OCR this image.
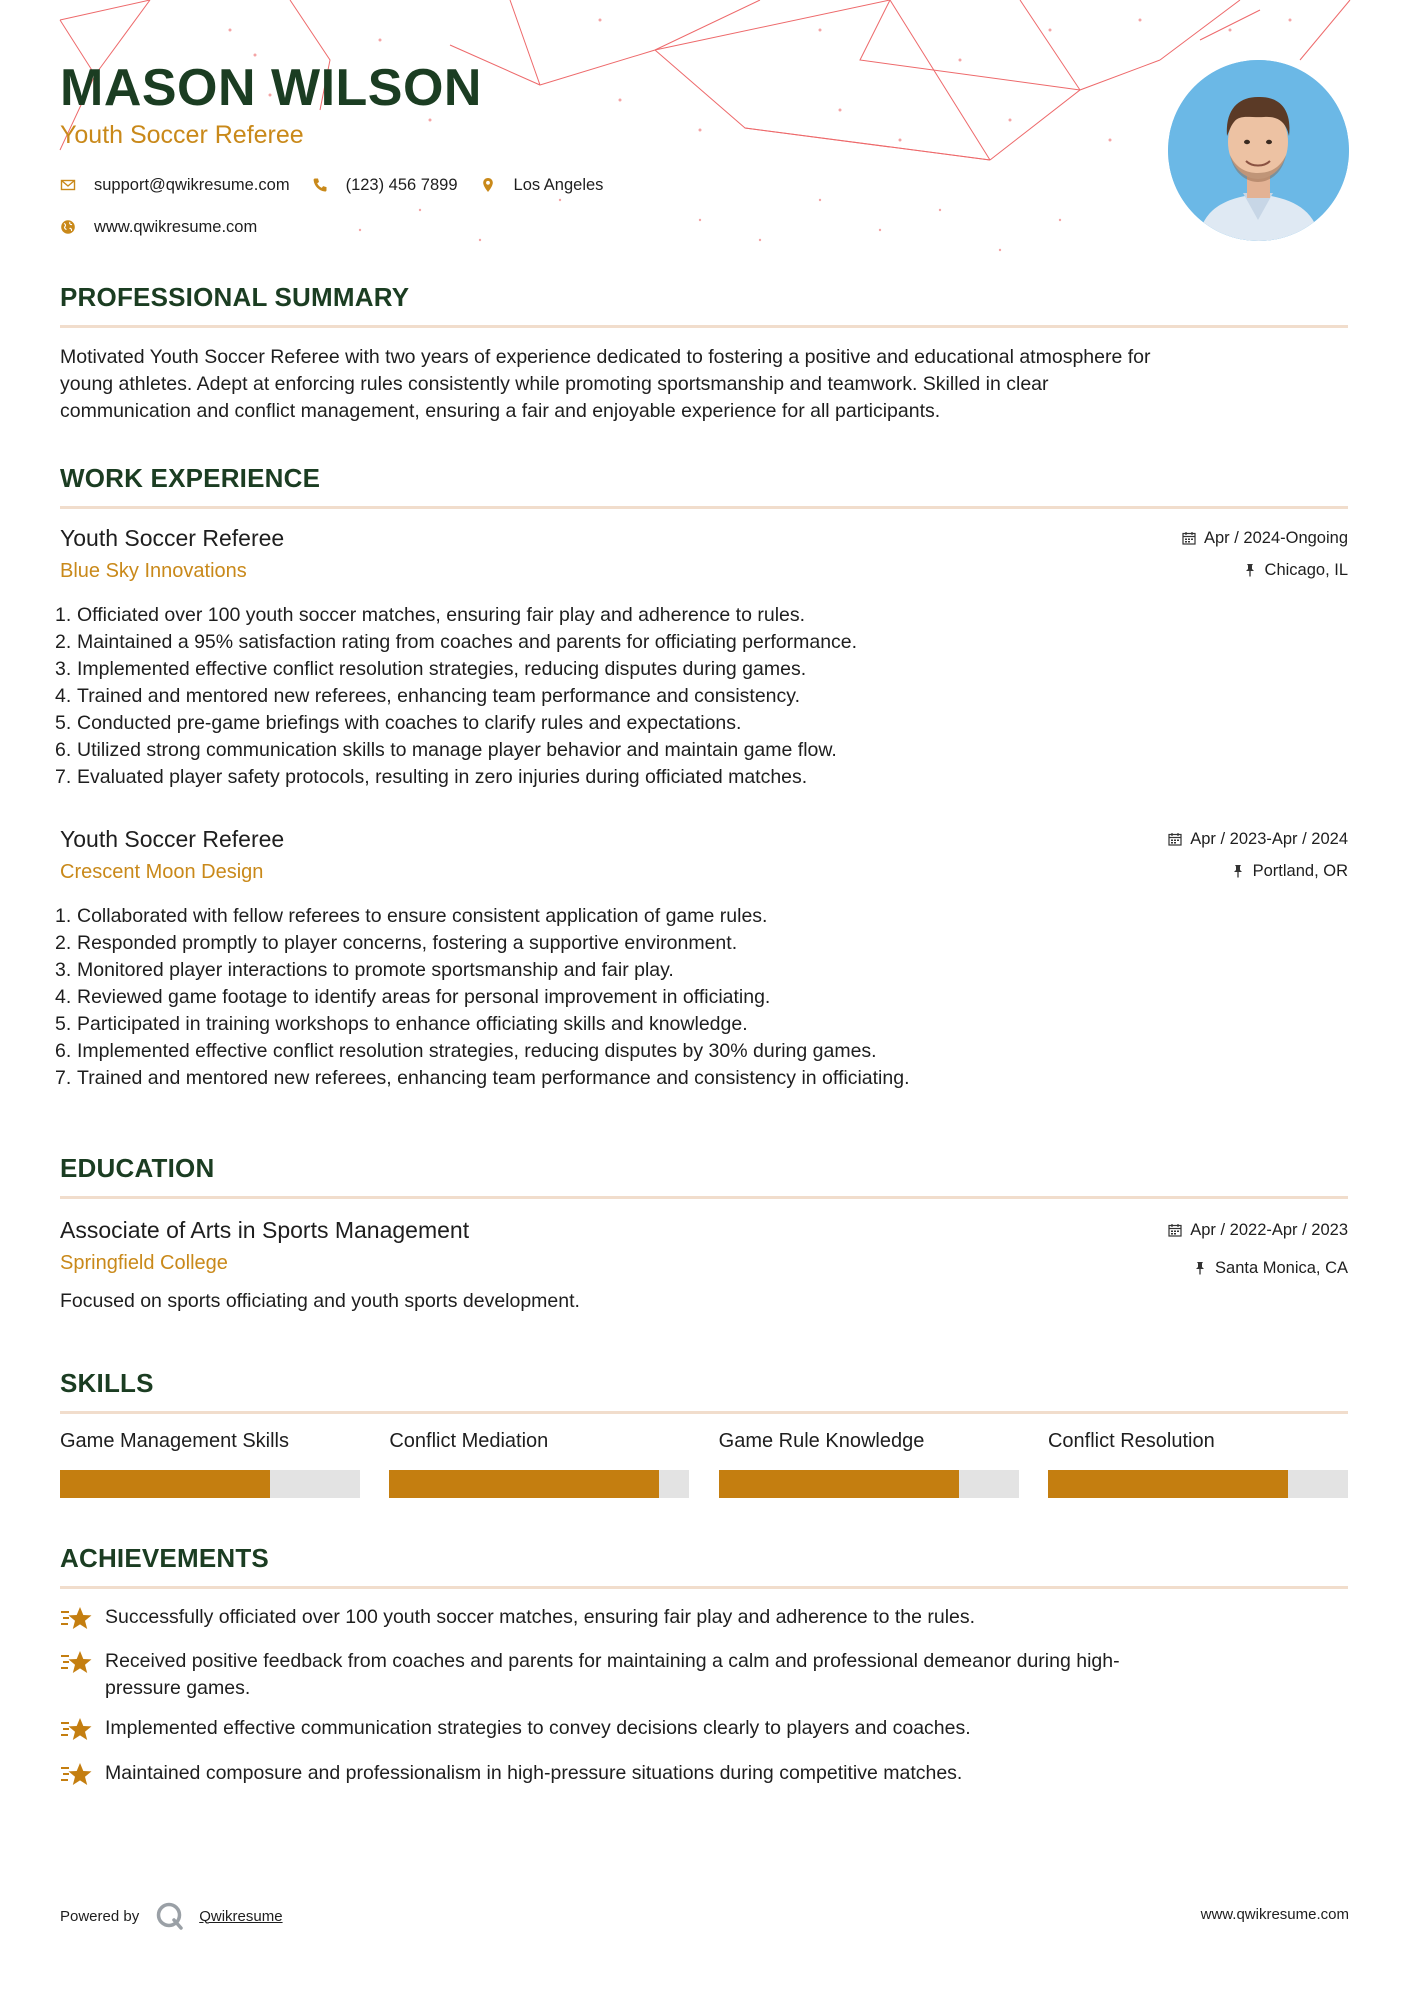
MASON WILSON
Youth Soccer Referee
support@qwikresume.com	(123) 456 7899	Los Angeles
www.qwikresume.com
PROFESSIONAL SUMMARY
Motivated Youth Soccer Referee with two years of experience dedicated to fostering a positive and educational atmosphere for
young athletes. Adept at enforcing rules consistently while promoting sportsmanship and teamwork. Skilled in clear
communication and conflict management, ensuring a fair and enjoyable experience for all participants.
WORK EXPERIENCE
Youth Soccer Referee
Blue Sky Innovations
Apr / 2024-Ongoing
Chicago, IL
1. Officiated over 100 youth soccer matches, ensuring fair play and adherence to rules.
2. Maintained a 95% satisfaction rating from coaches and parents for officiating performance.
3. Implemented effective conflict resolution strategies, reducing disputes during games.
4. Trained and mentored new referees, enhancing team performance and consistency.
5. Conducted pre-game briefings with coaches to clarify rules and expectations.
6. Utilized strong communication skills to manage player behavior and maintain game flow.
7. Evaluated player safety protocols, resulting in zero injuries during officiated matches.
Youth Soccer Referee
Crescent Moon Design
Apr / 2023-Apr / 2024
Portland, OR
1. Collaborated with fellow referees to ensure consistent application of game rules.
2. Responded promptly to player concerns, fostering a supportive environment.
3. Monitored player interactions to promote sportsmanship and fair play.
4. Reviewed game footage to identify areas for personal improvement in officiating.
5. Participated in training workshops to enhance officiating skills and knowledge.
6. Implemented effective conflict resolution strategies, reducing disputes by 30% during games.
7. Trained and mentored new referees, enhancing team performance and consistency in officiating.
EDUCATION
Associate of Arts in Sports Management
Springfield College
Apr / 2022-Apr / 2023
Santa Monica, CA
Focused on sports officiating and youth sports development.
SKILLS
Game Management Skills	Conflict Mediation	Game Rule Knowledge	Conflict Resolution
ACHIEVEMENTS
Successfully officiated over 100 youth soccer matches, ensuring fair play and adherence to the rules.
Received positive feedback from coaches and parents for maintaining a calm and professional demeanor during high-
pressure games.
Implemented effective communication strategies to convey decisions clearly to players and coaches.
Maintained composure and professionalism in high-pressure situations during competitive matches.
Powered by	Qwikresume	www.qwikresume.com
